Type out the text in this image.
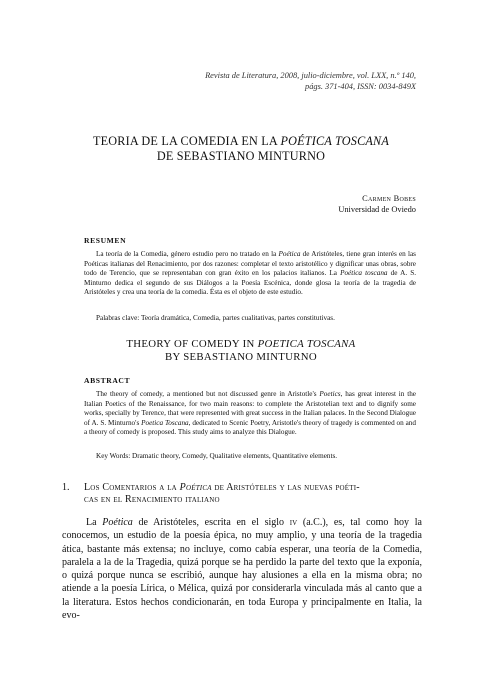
Revista de Literatura, 2008, julio-diciembre, vol. LXX, n.º 140,
págs. 371-404, ISSN: 0034-849X
TEORIA DE LA COMEDIA EN LA POÉTICA TOSCANA
DE SEBASTIANO MINTURNO
Carmen Bobes
Universidad de Oviedo
RESUMEN
La teoría de la Comedia, género estudio pero no tratado en la Poética de Aristóteles, tiene gran interés en las Poéticas italianas del Renacimiento, por dos razones: completar el texto aristotélico y dignificar unas obras, sobre todo de Terencio, que se representaban con gran éxito en los palacios italianos. La Poética toscana de A. S. Minturno dedica el segundo de sus Diálogos a la Poesía Escénica, donde glosa la teoría de la tragedia de Aristóteles y crea una teoría de la comedia. Ésta es el objeto de este estudio.
Palabras clave: Teoría dramática, Comedia, partes cualitativas, partes constitutivas.
THEORY OF COMEDY IN POETICA TOSCANA
BY SEBASTIANO MINTURNO
ABSTRACT
The theory of comedy, a mentioned but not discussed genre in Aristotle's Poetics, has great interest in the Italian Poetics of the Renaissance, for two main reasons: to complete the Aristotelian text and to dignify some works, specially by Terence, that were represented with great success in the Italian palaces. In the Second Dialogue of A. S. Minturno's Poetica Toscana, dedicated to Scenic Poetry, Aristotle's theory of tragedy is commented on and a theory of comedy is proposed. This study aims to analyze this Dialogue.
Key Words: Dramatic theory, Comedy, Qualitative elements, Quantitative elements.
1. Los Comentarios a la Poética de Aristóteles y las nuevas poéti-
cas en el Renacimiento italiano
La Poética de Aristóteles, escrita en el siglo iv (a.C.), es, tal como hoy la conocemos, un estudio de la poesía épica, no muy amplio, y una teoría de la tragedia ática, bastante más extensa; no incluye, como cabía esperar, una teoría de la Comedia, paralela a la de la Tragedia, quizá porque se ha perdido la parte del texto que la exponía, o quizá porque nunca se escribió, aunque hay alusiones a ella en la misma obra; no atiende a la poesía Lírica, o Mélica, quizá por considerarla vinculada más al canto que a la literatura. Estos hechos condicionarán, en toda Europa y principalmente en Italia, la evo-
